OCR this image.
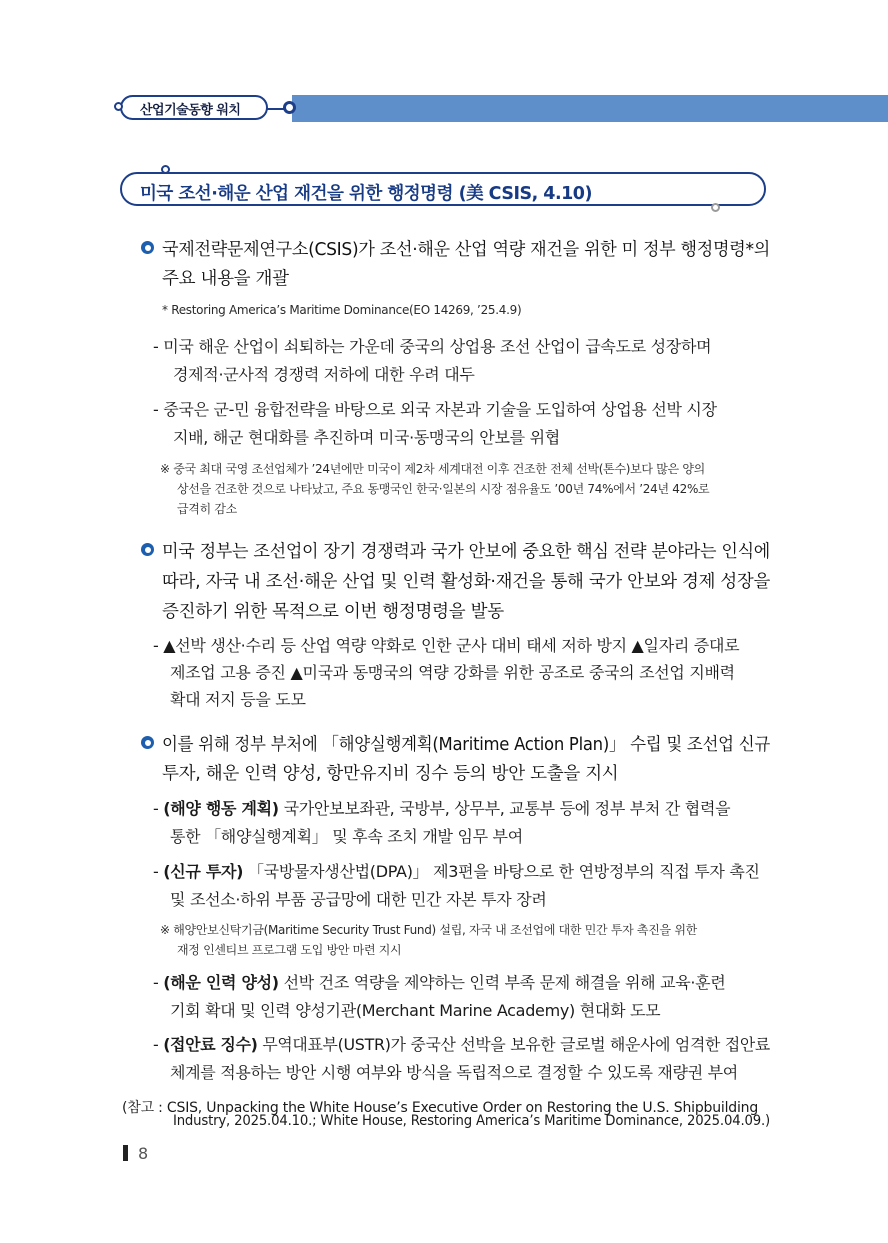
산업기술동향 워치
미국 조선·해운 산업 재건을 위한 행정명령 (美 CSIS, 4.10)
국제전략문제연구소(CSIS)가 조선·해운 산업 역량 재건을 위한 미 정부 행정명령*의
주요 내용을 개괄
* Restoring America’s Maritime Dominance(EO 14269, ’25.4.9)
- 미국 해운 산업이 쇠퇴하는 가운데 중국의 상업용 조선 산업이 급속도로 성장하며
경제적·군사적 경쟁력 저하에 대한 우려 대두
- 중국은 군-민 융합전략을 바탕으로 외국 자본과 기술을 도입하여 상업용 선박 시장
지배, 해군 현대화를 추진하며 미국·동맹국의 안보를 위협
※ 중국 최대 국영 조선업체가 ’24년에만 미국이 제2차 세계대전 이후 건조한 전체 선박(톤수)보다 많은 양의
상선을 건조한 것으로 나타났고, 주요 동맹국인 한국·일본의 시장 점유율도 ’00년 74%에서 ’24년 42%로
급격히 감소
미국 정부는 조선업이 장기 경쟁력과 국가 안보에 중요한 핵심 전략 분야라는 인식에
따라, 자국 내 조선·해운 산업 및 인력 활성화·재건을 통해 국가 안보와 경제 성장을
증진하기 위한 목적으로 이번 행정명령을 발동
- ▲선박 생산·수리 등 산업 역량 약화로 인한 군사 대비 태세 저하 방지 ▲일자리 증대로
제조업 고용 증진 ▲미국과 동맹국의 역량 강화를 위한 공조로 중국의 조선업 지배력
확대 저지 등을 도모
이를 위해 정부 부처에 「해양실행계획(Maritime Action Plan)」 수립 및 조선업 신규
투자, 해운 인력 양성, 항만유지비 징수 등의 방안 도출을 지시
- (해양 행동 계획) 국가안보보좌관, 국방부, 상무부, 교통부 등에 정부 부처 간 협력을
통한 「해양실행계획」 및 후속 조치 개발 임무 부여
- (신규 투자) 「국방물자생산법(DPA)」 제3편을 바탕으로 한 연방정부의 직접 투자 촉진
및 조선소·하위 부품 공급망에 대한 민간 자본 투자 장려
※ 해양안보신탁기금(Maritime Security Trust Fund) 설립, 자국 내 조선업에 대한 민간 투자 촉진을 위한
재정 인센티브 프로그램 도입 방안 마련 지시
- (해운 인력 양성) 선박 건조 역량을 제약하는 인력 부족 문제 해결을 위해 교육·훈련
기회 확대 및 인력 양성기관(Merchant Marine Academy) 현대화 도모
- (접안료 징수) 무역대표부(USTR)가 중국산 선박을 보유한 글로벌 해운사에 엄격한 접안료
체계를 적용하는 방안 시행 여부와 방식을 독립적으로 결정할 수 있도록 재량권 부여
(참고 : CSIS, Unpacking the White House’s Executive Order on Restoring the U.S. Shipbuilding
Industry, 2025.04.10.; White House, Restoring America’s Maritime Dominance, 2025.04.09.)
8
